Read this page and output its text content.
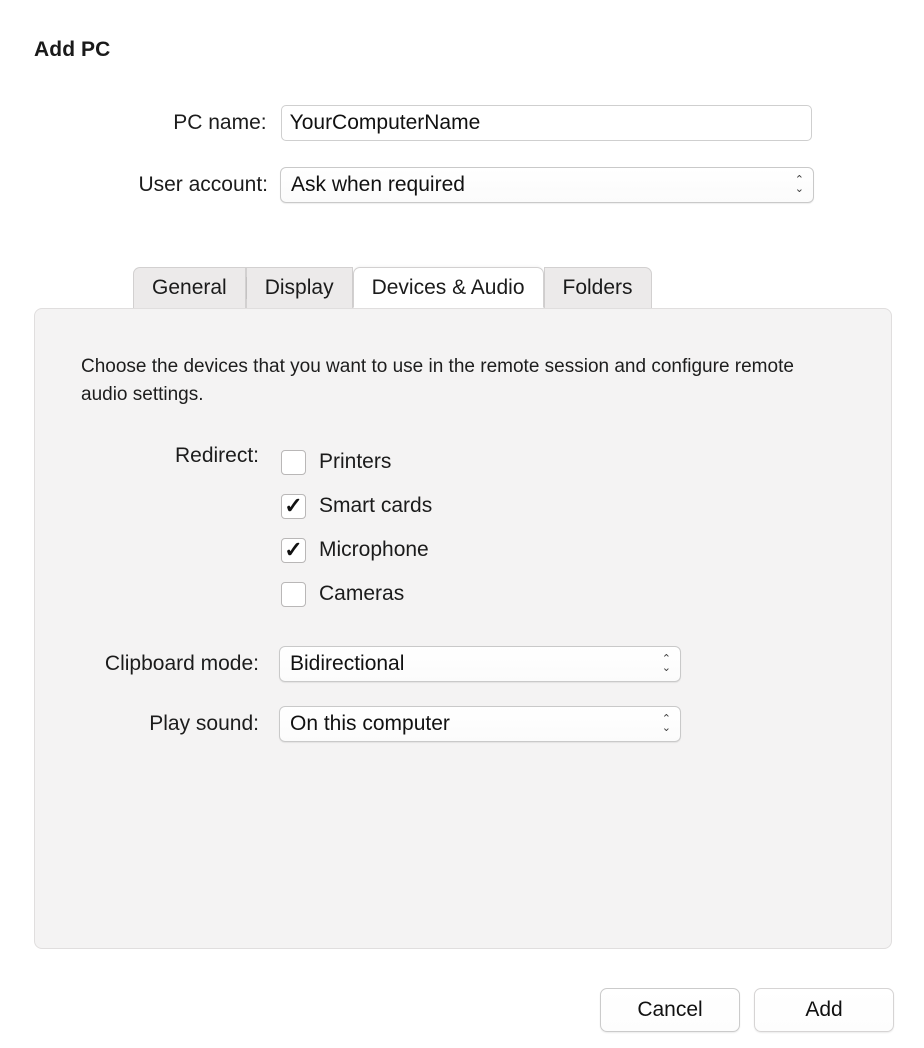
Add PC
PC name:
YourComputerName
User account: Ask when required	⌃
⌄
General Display Devices & Audio Folders
Choose the devices that you want to use in the remote session and configure remote audio settings.
Redirect:	Printers
✓
Smart cards
✓
Microphone
Cameras
Clipboard mode: Bidirectional	⌃
⌄
Play sound: On this computer	⌃
⌄
Cancel	Add
